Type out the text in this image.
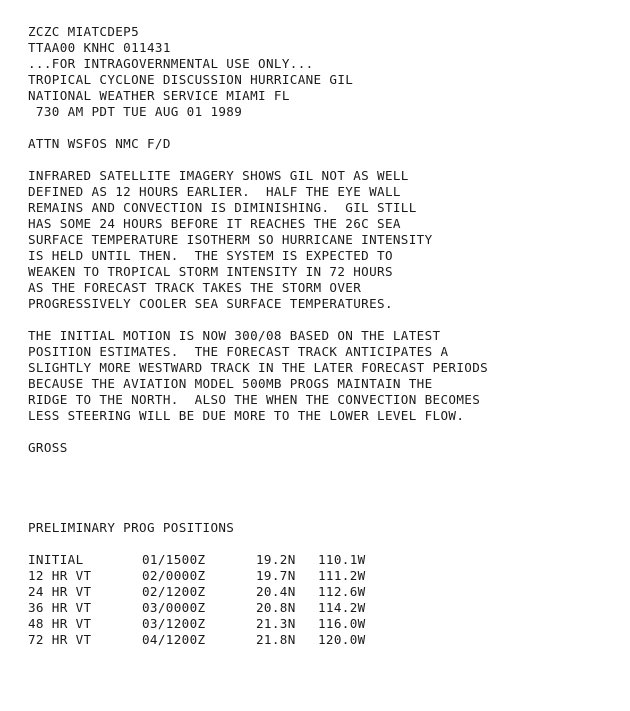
ZCZC MIATCDEP5
TTAA00 KNHC 011431
...FOR INTRAGOVERNMENTAL USE ONLY...
TROPICAL CYCLONE DISCUSSION HURRICANE GIL
NATIONAL WEATHER SERVICE MIAMI FL
730 AM PDT TUE AUG 01 1989
ATTN WSFOS NMC F/D
INFRARED SATELLITE IMAGERY SHOWS GIL NOT AS WELL
DEFINED AS 12 HOURS EARLIER.  HALF THE EYE WALL
REMAINS AND CONVECTION IS DIMINISHING.  GIL STILL
HAS SOME 24 HOURS BEFORE IT REACHES THE 26C SEA
SURFACE TEMPERATURE ISOTHERM SO HURRICANE INTENSITY
IS HELD UNTIL THEN.  THE SYSTEM IS EXPECTED TO
WEAKEN TO TROPICAL STORM INTENSITY IN 72 HOURS
AS THE FORECAST TRACK TAKES THE STORM OVER
PROGRESSIVELY COOLER SEA SURFACE TEMPERATURES.
THE INITIAL MOTION IS NOW 300/08 BASED ON THE LATEST
POSITION ESTIMATES.  THE FORECAST TRACK ANTICIPATES A
SLIGHTLY MORE WESTWARD TRACK IN THE LATER FORECAST PERIODS
BECAUSE THE AVIATION MODEL 500MB PROGS MAINTAIN THE
RIDGE TO THE NORTH.  ALSO THE WHEN THE CONVECTION BECOMES
LESS STEERING WILL BE DUE MORE TO THE LOWER LEVEL FLOW.
GROSS
PRELIMINARY PROG POSITIONS
INITIAL	01/1500Z	19.2N	110.1W
12 HR VT	02/0000Z	19.7N	111.2W
24 HR VT	02/1200Z	20.4N	112.6W
36 HR VT	03/0000Z	20.8N	114.2W
48 HR VT	03/1200Z	21.3N	116.0W
72 HR VT	04/1200Z	21.8N	120.0W
